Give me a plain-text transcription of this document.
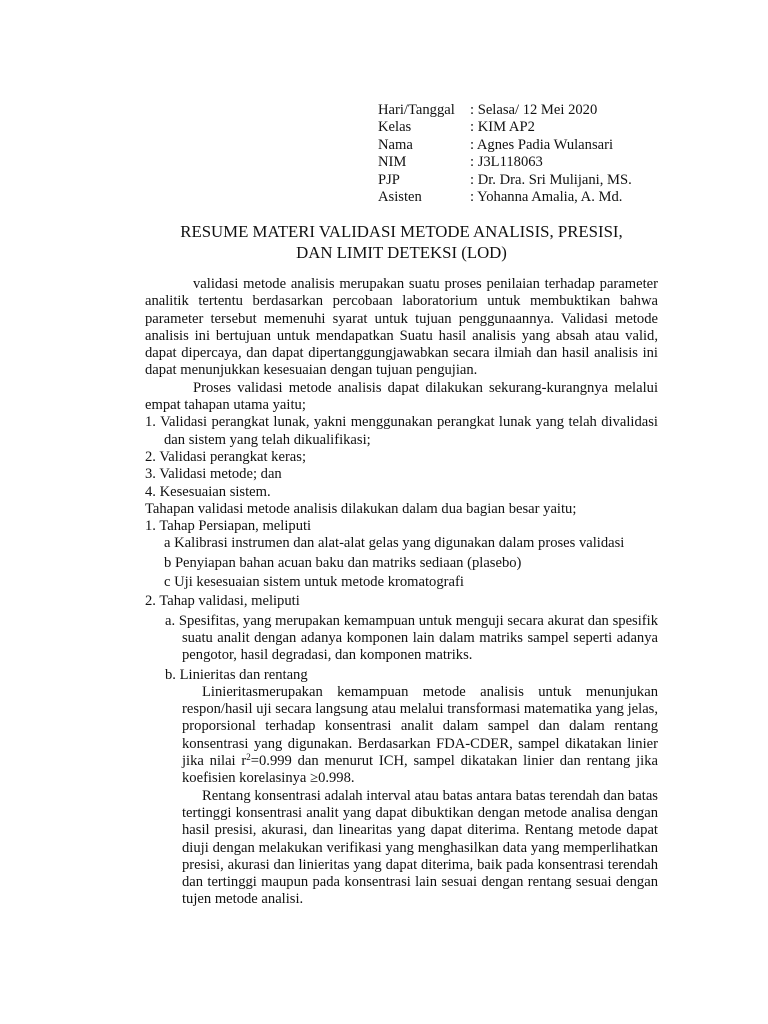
Hari/Tanggal	: Selasa/ 12 Mei 2020
Kelas	: KIM AP2
Nama	: Agnes Padia Wulansari
NIM	: J3L118063
PJP	: Dr. Dra. Sri Mulijani, MS.
Asisten	: Yohanna Amalia, A. Md.
RESUME MATERI VALIDASI METODE ANALISIS, PRESISI,
DAN LIMIT DETEKSI (LOD)

validasi metode analisis merupakan suatu proses penilaian terhadap parameter analitik tertentu berdasarkan percobaan laboratorium untuk membuktikan bahwa parameter tersebut memenuhi syarat untuk tujuan penggunaannya. Validasi metode analisis ini bertujuan untuk mendapatkan Suatu hasil analisis yang absah atau valid, dapat dipercaya, dan dapat dipertanggungjawabkan secara ilmiah dan hasil analisis ini dapat menunjukkan kesesuaian dengan tujuan pengujian.

Proses validasi metode analisis dapat dilakukan sekurang-kurangnya melalui empat tahapan utama yaitu;

1. Validasi perangkat lunak, yakni menggunakan perangkat lunak yang telah divalidasi dan sistem yang telah dikualifikasi;

2. Validasi perangkat keras;

3. Validasi metode; dan

4. Kesesuaian sistem.

Tahapan validasi metode analisis dilakukan dalam dua bagian besar yaitu;

1. Tahap Persiapan, meliputi

a Kalibrasi instrumen dan alat-alat gelas yang digunakan dalam proses validasi

b Penyiapan bahan acuan baku dan matriks sediaan (plasebo)

c Uji kesesuaian sistem untuk metode kromatografi

2. Tahap validasi, meliputi

a. Spesifitas, yang merupakan kemampuan untuk menguji secara akurat dan spesifik suatu analit dengan adanya komponen lain dalam matriks sampel seperti adanya pengotor, hasil degradasi, dan komponen matriks.

b. Linieritas dan rentang

Linieritasmerupakan kemampuan metode analisis untuk menunjukan respon/hasil uji secara langsung atau melalui transformasi matematika yang jelas, proporsional terhadap konsentrasi analit dalam sampel dan dalam rentang konsentrasi yang digunakan. Berdasarkan FDA-CDER, sampel dikatakan linier jika nilai $r^2=0.999$ dan menurut ICH, sampel dikatakan linier dan rentang jika koefisien korelasinya ≥0.998.

Rentang konsentrasi adalah interval atau batas antara batas terendah dan batas tertinggi konsentrasi analit yang dapat dibuktikan dengan metode analisa dengan hasil presisi, akurasi, dan linearitas yang dapat diterima. Rentang metode dapat diuji dengan melakukan verifikasi yang menghasilkan data yang memperlihatkan presisi, akurasi dan linieritas yang dapat diterima, baik pada konsentrasi terendah dan tertinggi maupun pada konsentrasi lain sesuai dengan rentang sesuai dengan tujen metode analisi.
